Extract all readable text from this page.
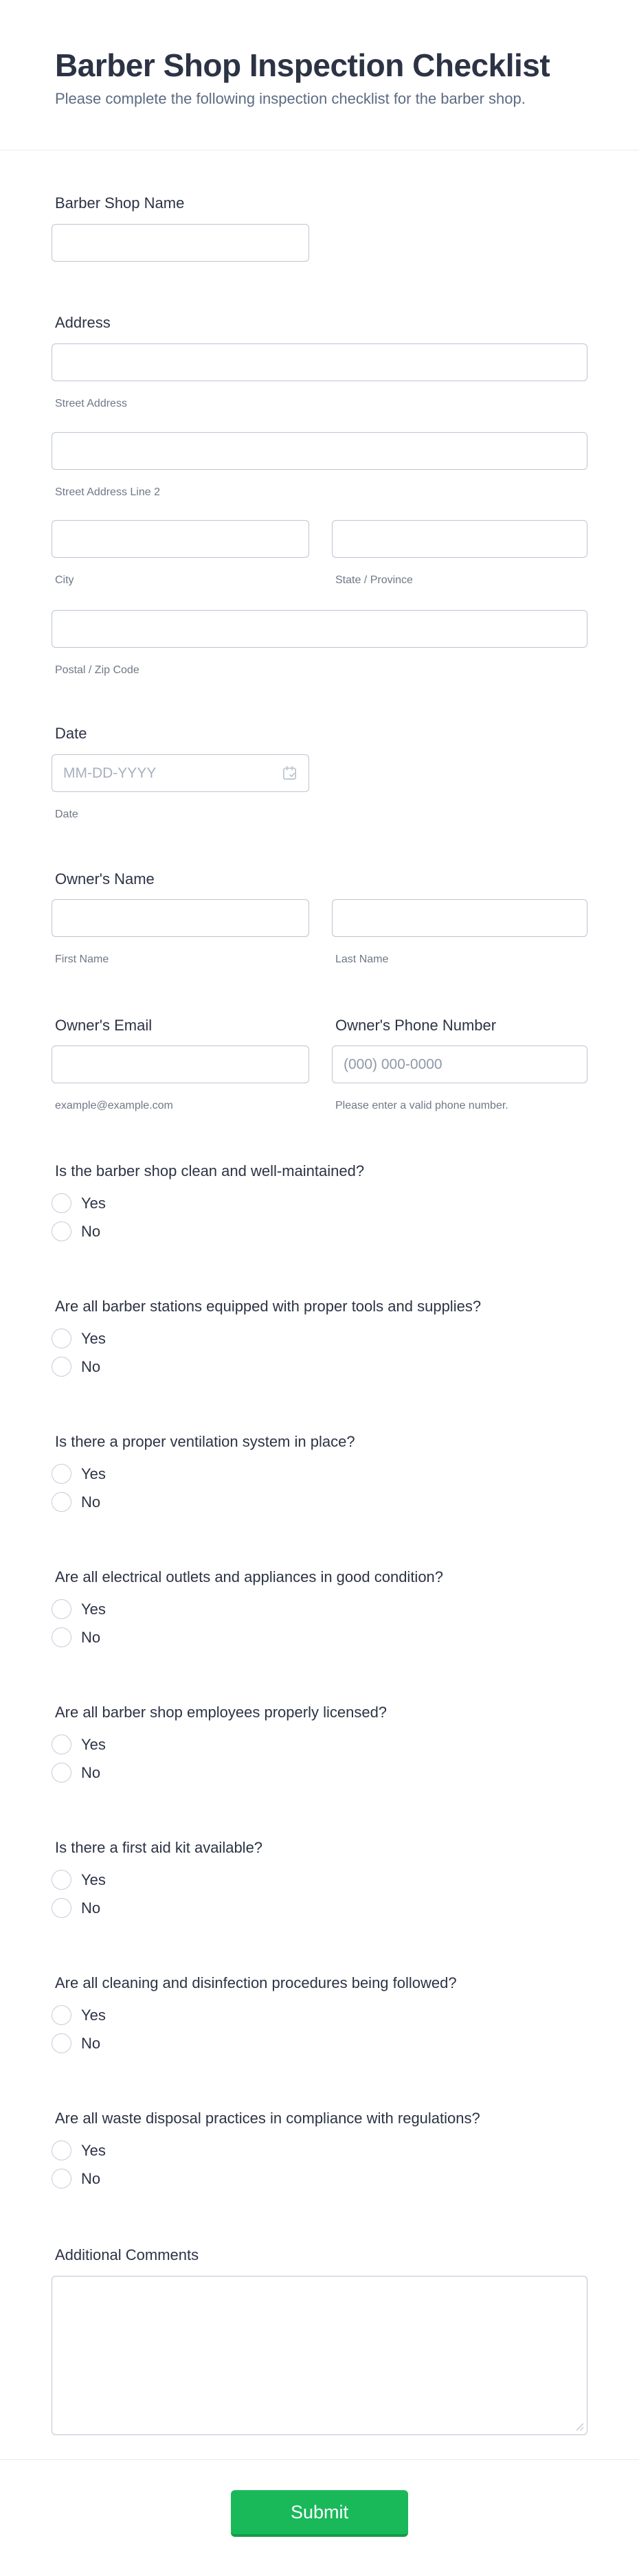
Barber Shop Inspection Checklist

Please complete the following inspection checklist for the barber shop.

Barber Shop Name
Address
Street Address
Street Address Line 2
City	State / Province
Postal / Zip Code
Date
MM-DD-YYYY
Date
Owner's Name
First Name	Last Name
Owner's Email
example@example.com
Owner's Phone Number
(000) 000-0000
Please enter a valid phone number.
Is the barber shop clean and well-maintained?
Yes
No
Are all barber stations equipped with proper tools and supplies?
Yes
No
Is there a proper ventilation system in place?
Yes
No
Are all electrical outlets and appliances in good condition?
Yes
No
Are all barber shop employees properly licensed?
Yes
No
Is there a first aid kit available?
Yes
No
Are all cleaning and disinfection procedures being followed?
Yes
No
Are all waste disposal practices in compliance with regulations?
Yes
No
Additional Comments
Submit
